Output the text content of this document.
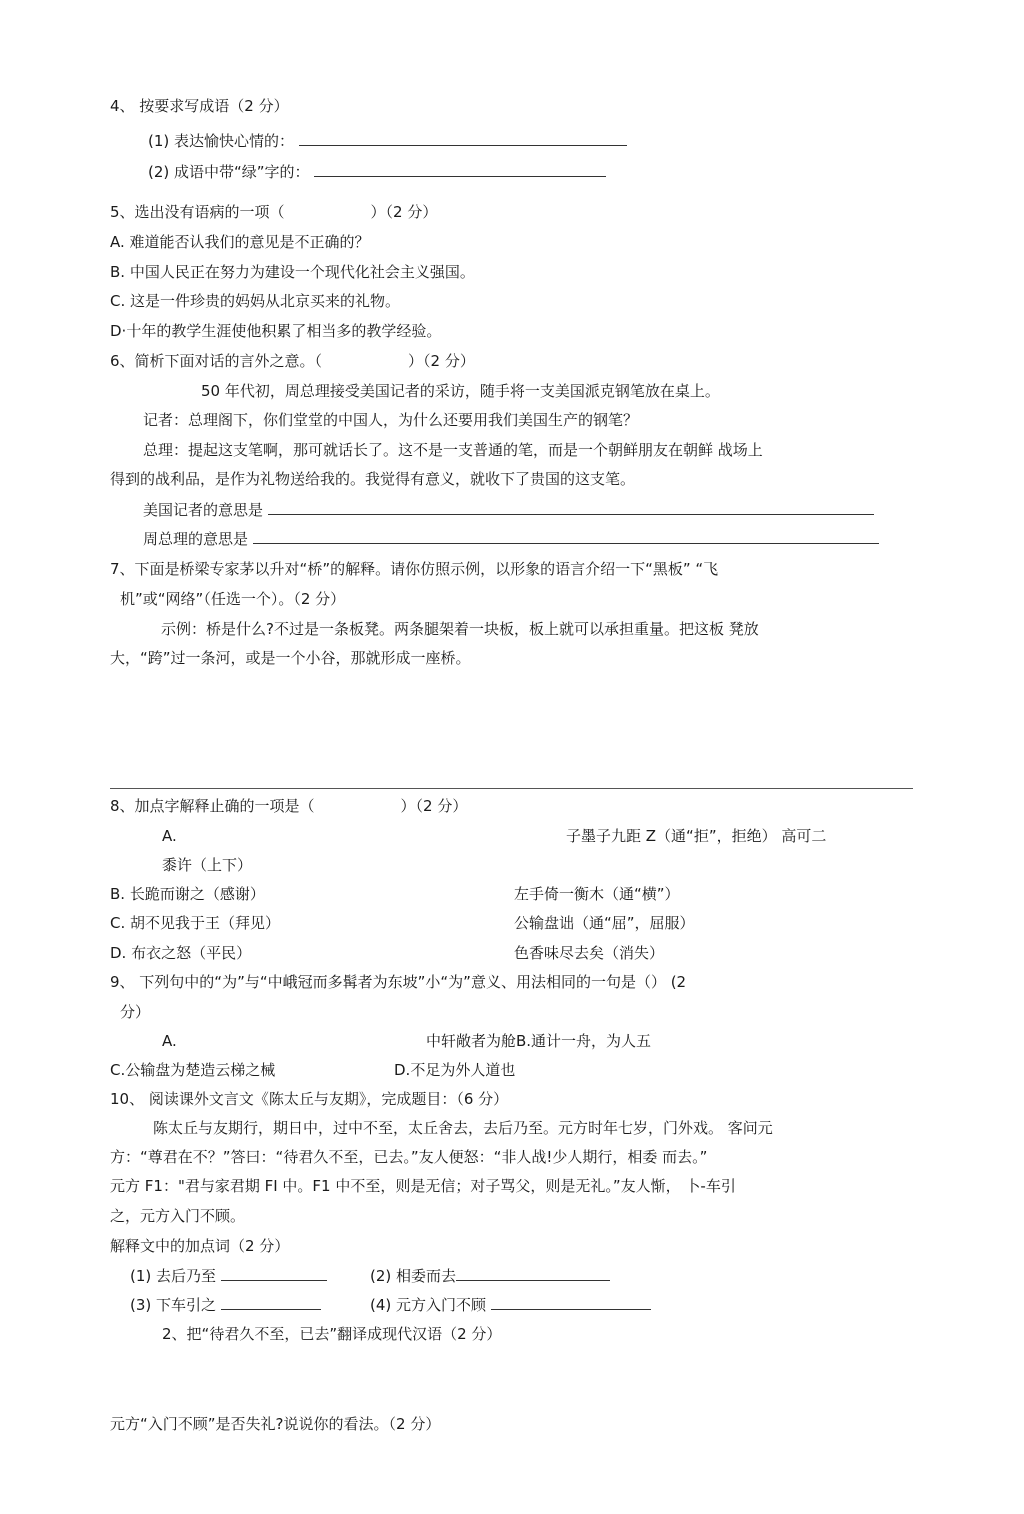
4、 按要求写成语（2 分）
(1) 表达愉快心情的：
(2) 成语中带“绿”字的：
5、选出没有语病的一项（	）（2 分）
A. 难道能否认我们的意见是不正确的？
B. 中国人民正在努力为建设一个现代化社会主义强国。
C. 这是一件珍贵的妈妈从北京买来的礼物。
D·十年的教学生涯使他积累了相当多的教学经验。
6、简析下面对话的言外之意。（	）（2 分）
50 年代初，周总理接受美国记者的采访，随手将一支美国派克钢笔放在桌上。
记者：总理阁下，你们堂堂的中国人，为什么还要用我们美国生产的钢笔？
总理：提起这支笔啊，那可就话长了。这不是一支普通的笔，而是一个朝鲜朋友在朝鲜 战场上
得到的战利品，是作为礼物送给我的。我觉得有意义，就收下了贵国的这支笔。
美国记者的意思是
周总理的意思是
7、下面是桥梁专家茅以升对“桥”的解释。请你仿照示例，以形象的语言介绍一下“黑板” “飞
机”或“网络”（任选一个）。（2 分）
示例：桥是什么?不过是一条板凳。两条腿架着一块板，板上就可以承担重量。把这板 凳放
大，“跨”过一条河，或是一个小谷，那就形成一座桥。
8、加点字解释止确的一项是（	）（2 分）
A.	子墨子九距 Z（通“拒”，拒绝） 高可二
黍许（上下）
B. 长跪而谢之（感谢）	左手倚一衡木（通“横”）
C. 胡不见我于王（拜见）	公输盘诎（通“屈”，屈服）
D. 布衣之怒（平民）	色香味尽去矣（消失）
9、 下列句中的“为”与“中峨冠而多髯者为东坡”小“为”意义、用法相同的一句是（） (2
分）
A.	中轩敞者为舱B.通计一舟，为人五
C.公输盘为楚造云梯之械	D.不足为外人道也
10、 阅读课外文言文《陈太丘与友期》，完成题目：（6 分）
陈太丘与友期行，期日中，过中不至，太丘舍去，去后乃至。元方时年七岁，门外戏。 客问元
方：“尊君在不？”答曰：“待君久不至，已去。”友人便怒：“非人战!少人期行，相委 而去。”
元方 F1："君与家君期 FI 中。F1 中不至，则是无信；对子骂父，则是无礼。”友人惭， 卜-车引
之，元方入门不顾。
解释文中的加点词（2 分）
(1) 去后乃至	(2) 相委而去
(3) 下车引之	(4) 元方入门不顾
2、把“待君久不至，已去”翻译成现代汉语（2 分）
元方“入门不顾”是否失礼?说说你的看法。（2 分）
